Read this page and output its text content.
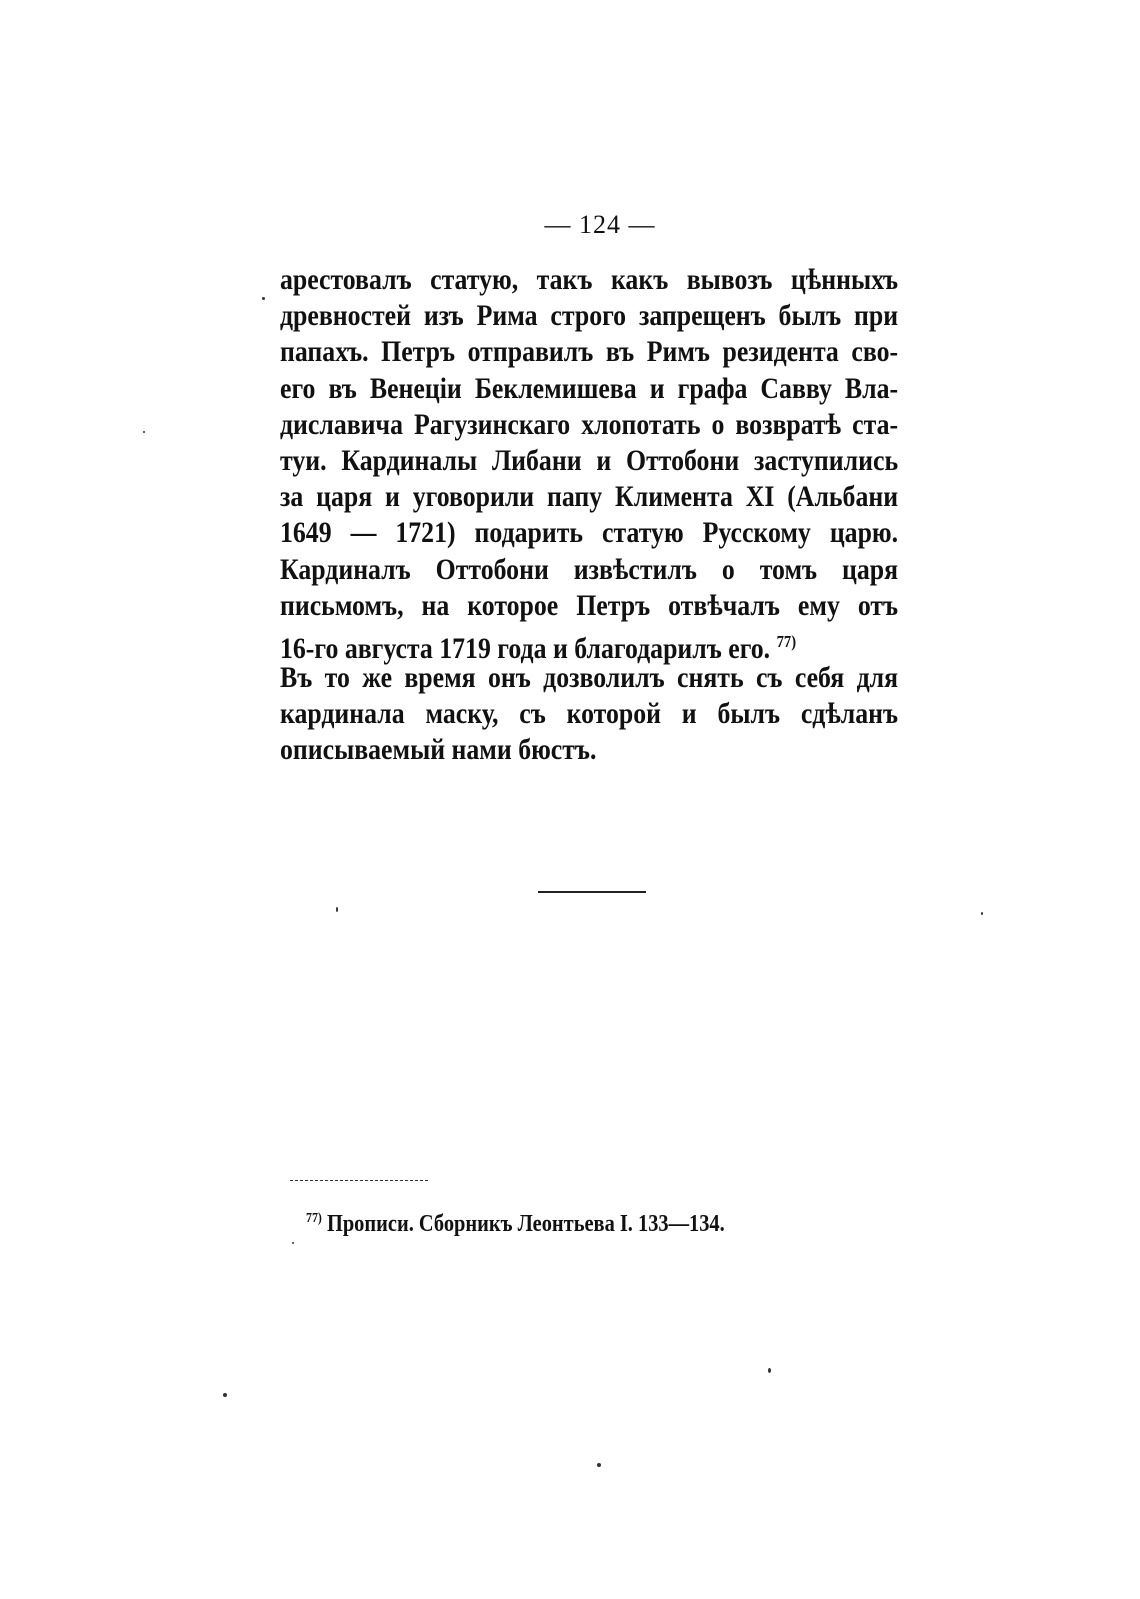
— 124 —
арестовалъ статую, такъ какъ вывозъ цѣнныхъ
древностей изъ Рима строго запрещенъ былъ при
папахъ. Петръ отправилъ въ Римъ резидента сво-
его въ Венеціи Беклемишева и графа Савву Вла-
диславича Рагузинскаго хлопотать о возвратѣ ста-
туи. Кардиналы Либани и Оттобони заступились
за царя и уговорили папу Климента XI (Альбани
1649 — 1721) подарить статую Русскому царю.
Кардиналъ Оттобони извѣстилъ о томъ царя
письмомъ, на которое Петръ отвѣчалъ ему отъ
16-го августа 1719 года и благодарилъ его. $^{77)}$
Въ то же время онъ дозволилъ снять съ себя для
кардинала маску, съ которой и былъ сдѣланъ
описываемый нами бюстъ.
$^{77)}$ Прописи. Сборникъ Леонтьева I. 133—134.
